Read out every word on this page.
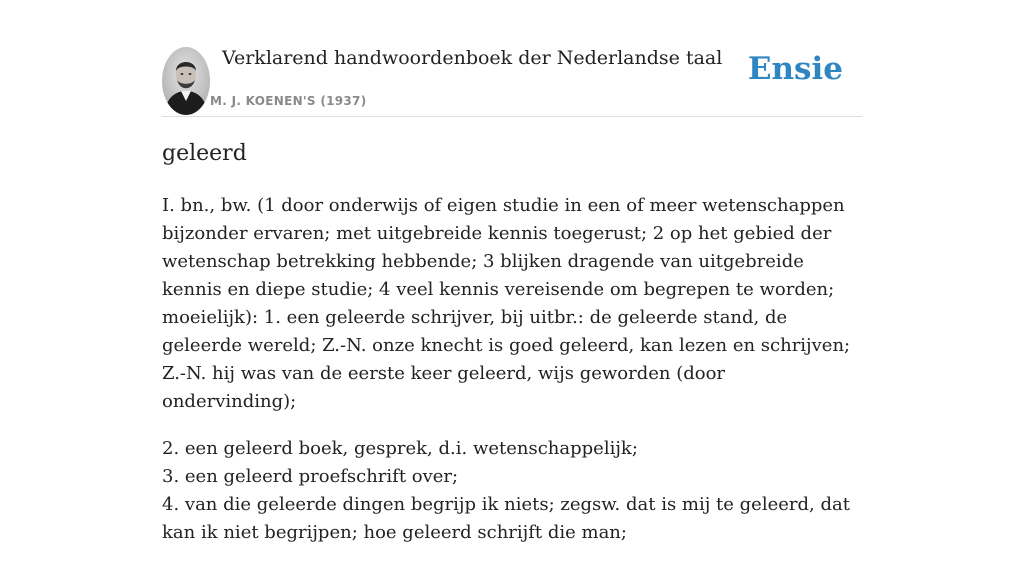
Verklarend handwoordenboek der Nederlandse taal
M. J. KOENEN'S (1937)
Ensie
geleerd

I. bn., bw. (1 door onderwijs of eigen studie in een of meer wetenschappen bijzonder ervaren; met uitgebreide kennis toegerust; 2 op het gebied der wetenschap betrekking hebbende; 3 blijken dragende van uitgebreide kennis en diepe studie; 4 veel kennis vereisende om begrepen te worden; moeielijk): 1. een geleerde schrijver, bij uitbr.: de geleerde stand, de geleerde wereld; Z.-N. onze knecht is goed geleerd, kan lezen en schrijven; Z.-N. hij was van de eerste keer geleerd, wijs geworden (door ondervinding);

2. een geleerd boek, gesprek, d.i. wetenschappelijk;
3. een geleerd proefschrift over;
4. van die geleerde dingen begrijp ik niets; zegsw. dat is mij te geleerd, dat kan ik niet begrijpen; hoe geleerd schrijft die man;
